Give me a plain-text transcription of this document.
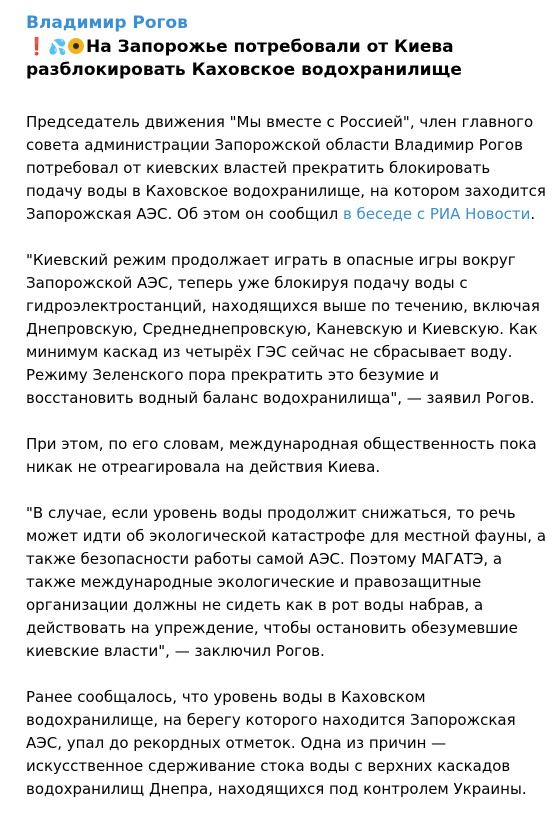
Владимир Рогов

❗💦 На Запорожье потребовали от Киева разблокировать Каховское водохранилище

Председатель движения "Мы вместе с Россией", член главного совета администрации Запорожской области Владимир Рогов потребовал от киевских властей прекратить блокировать подачу воды в Каховское водохранилище, на котором заходится Запорожская АЭС. Об этом он сообщил в беседе с РИА Новости.

"Киевский режим продолжает играть в опасные игры вокруг Запорожской АЭС, теперь уже блокируя подачу воды с гидроэлектростанций, находящихся выше по течению, включая Днепровскую, Среднеднепровскую, Каневскую и Киевскую. Как минимум каскад из четырёх ГЭС сейчас не сбрасывает воду. Режиму Зеленского пора прекратить это безумие и восстановить водный баланс водохранилища", — заявил Рогов.

При этом, по его словам, международная общественность пока никак не отреагировала на действия Киева.

"В случае, если уровень воды продолжит снижаться, то речь может идти об экологической катастрофе для местной фауны, а также безопасности работы самой АЭС. Поэтому МАГАТЭ, а также международные экологические и правозащитные организации должны не сидеть как в рот воды набрав, а действовать на упреждение, чтобы остановить обезумевшие киевские власти", — заключил Рогов.

Ранее сообщалось, что уровень воды в Каховском водохранилище, на берегу которого находится Запорожская АЭС, упал до рекордных отметок. Одна из причин — искусственное сдерживание стока воды с верхних каскадов водохранилищ Днепра, находящихся под контролем Украины.
